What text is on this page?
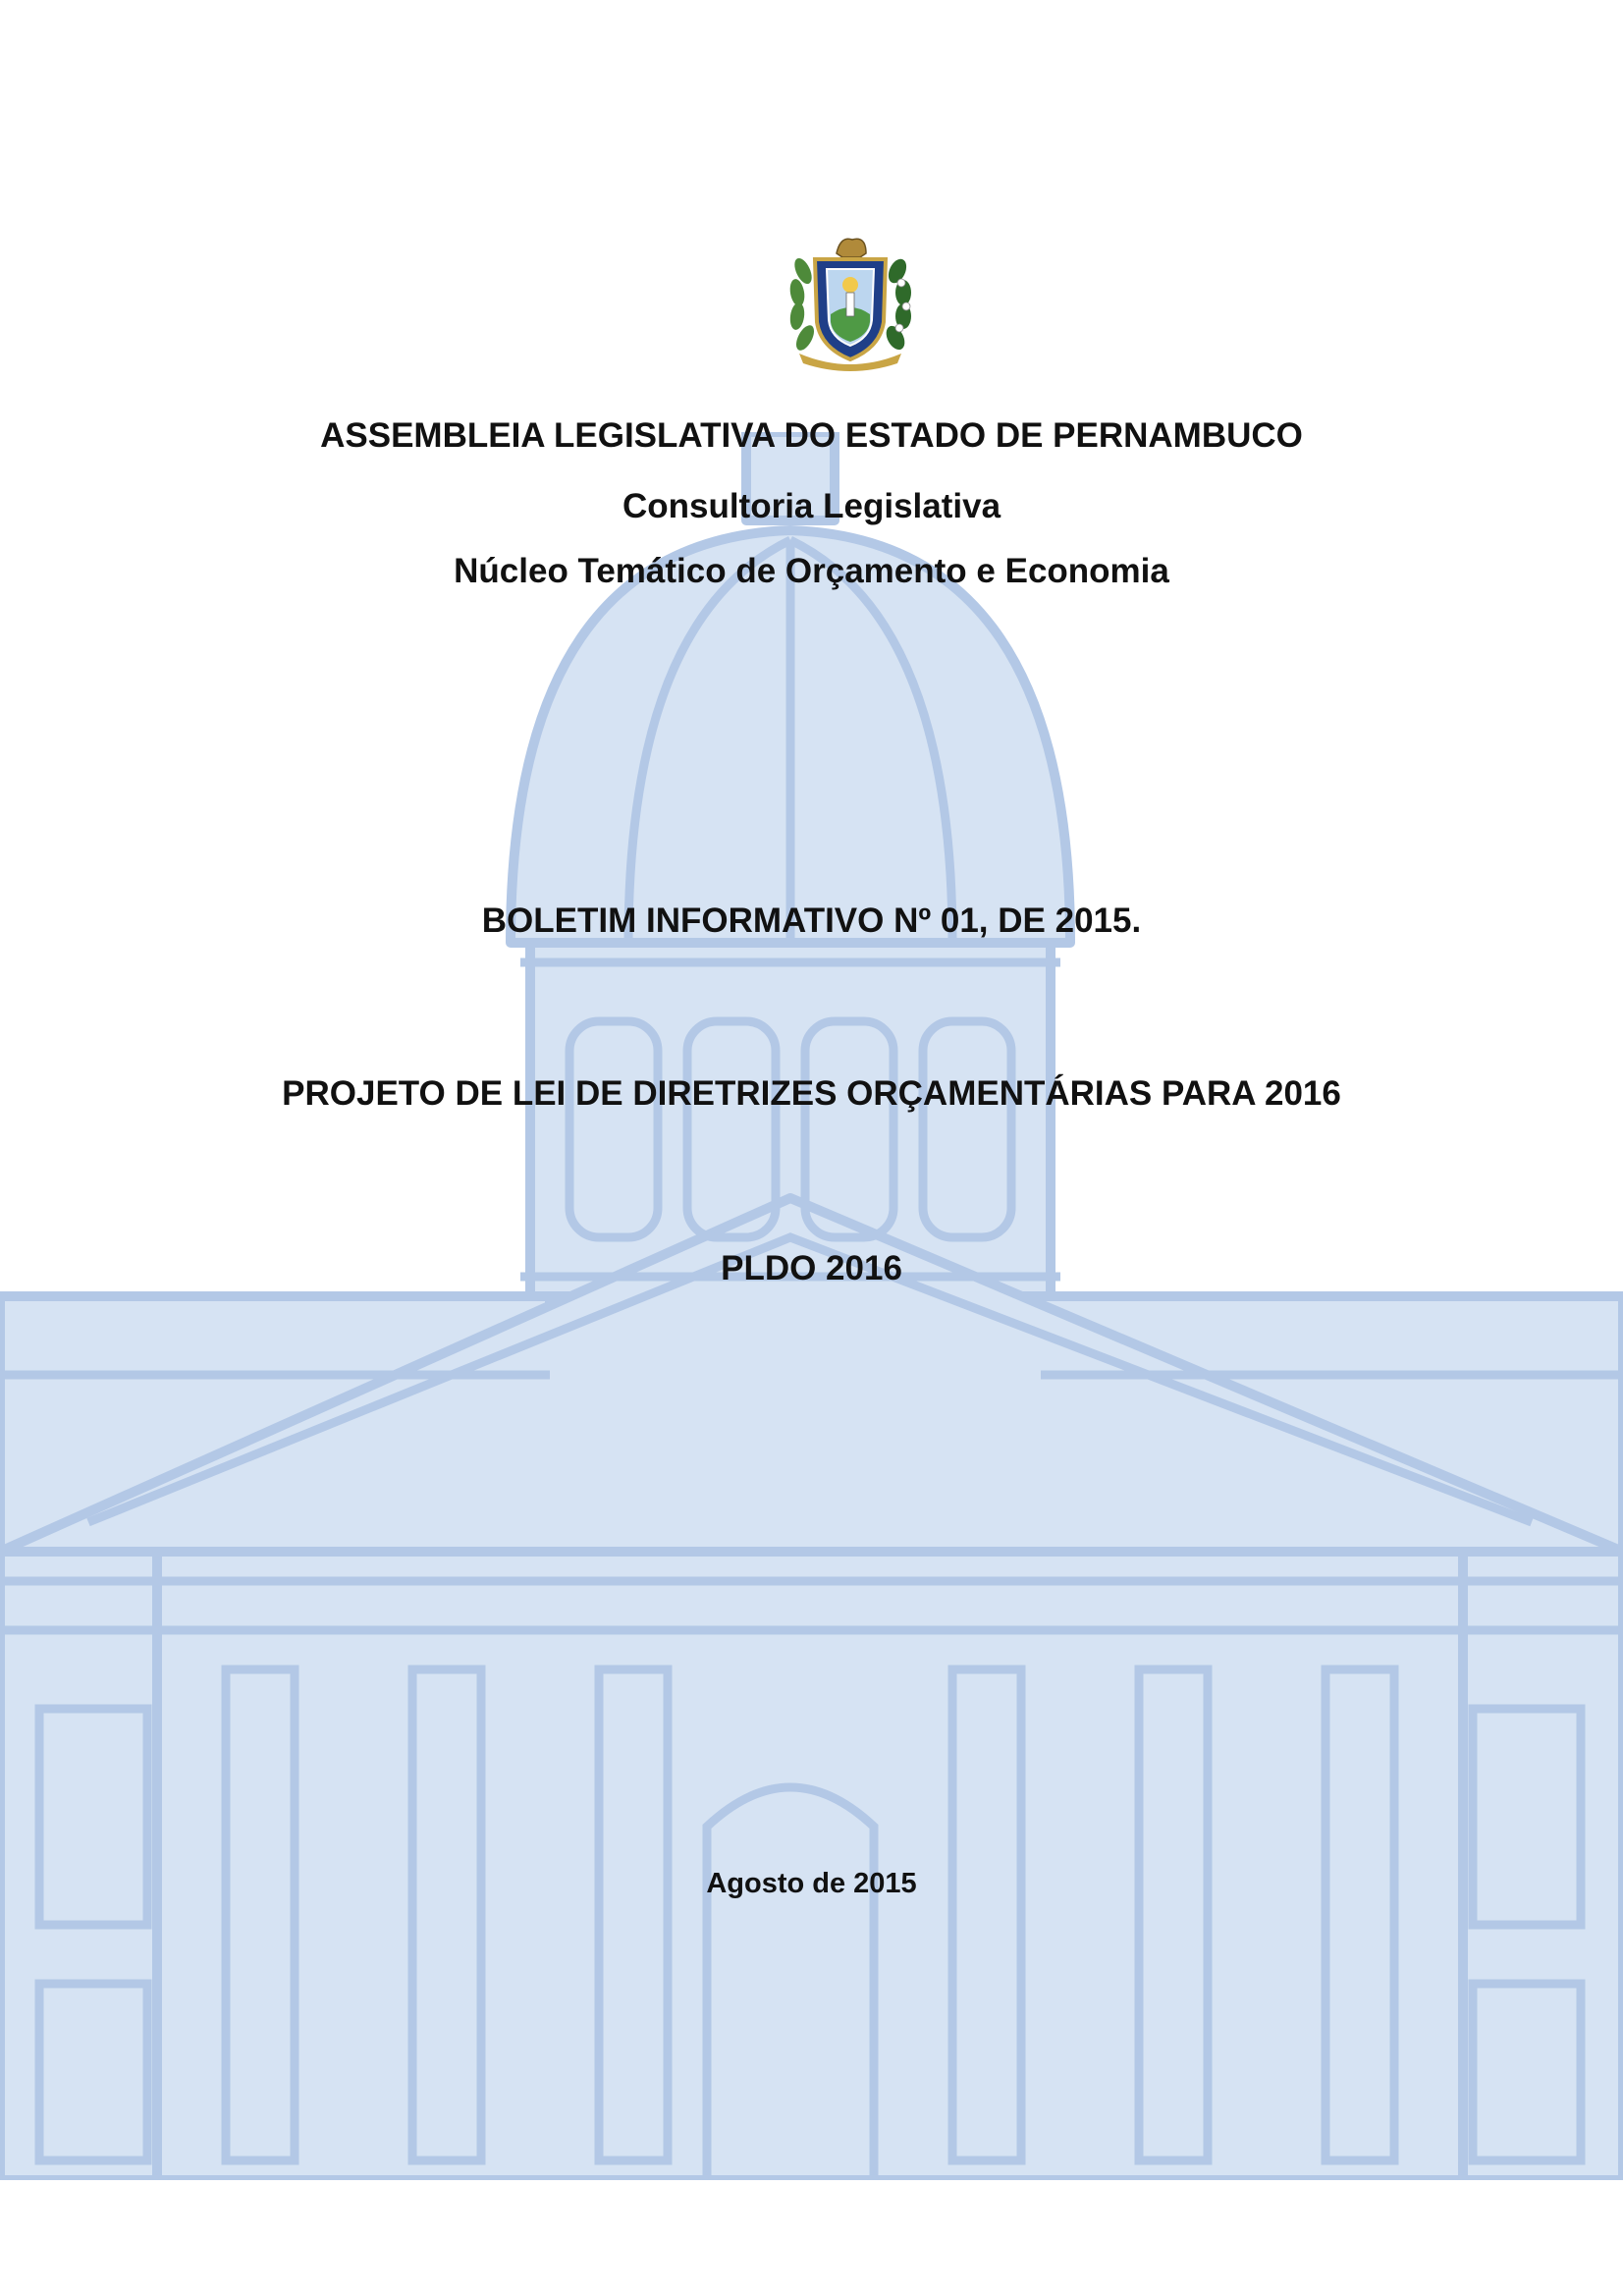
ASSEMBLEIA LEGISLATIVA DO ESTADO DE PERNAMBUCO
Consultoria Legislativa
Núcleo Temático de Orçamento e Economia
BOLETIM INFORMATIVO Nº 01, DE 2015.
PROJETO DE LEI DE DIRETRIZES ORÇAMENTÁRIAS PARA 2016
PLDO 2016
Agosto de 2015
